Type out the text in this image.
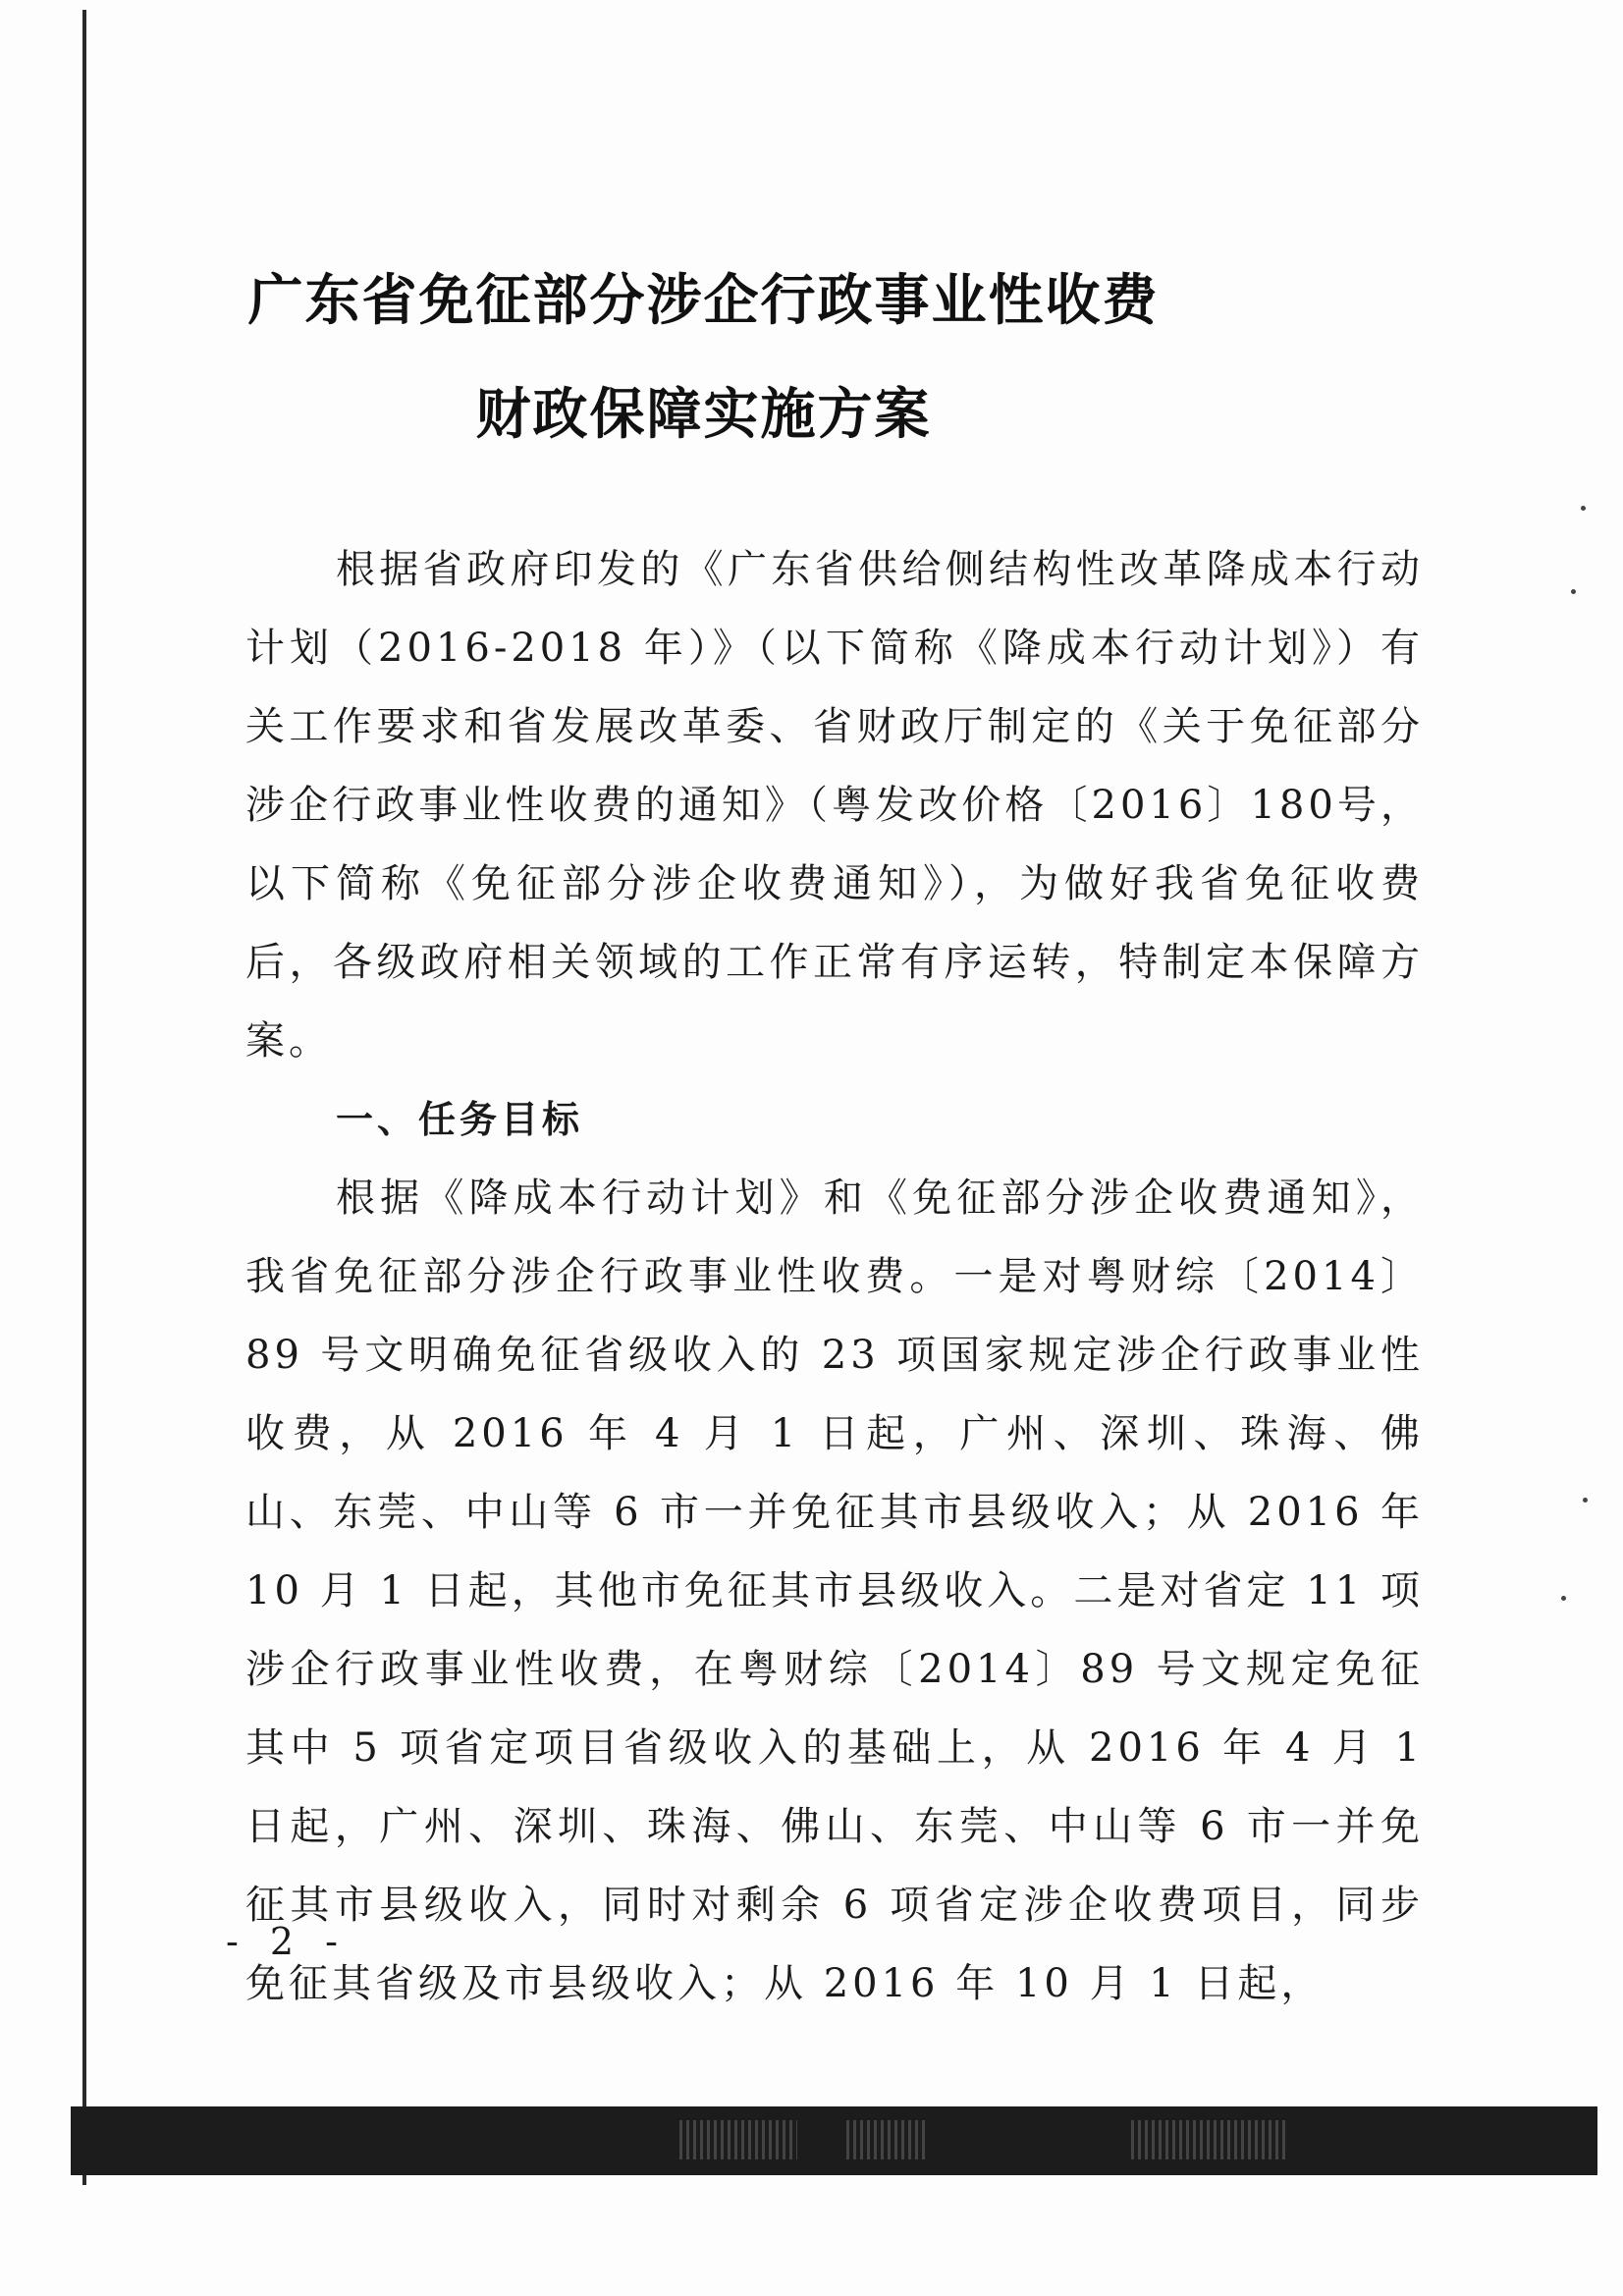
广东省免征部分涉企行政事业性收费
财政保障实施方案

根据省政府印发的《广东省供给侧结构性改革降成本行动计划（2016-2018 年）》（以下简称《降成本行动计划》）有关工作要求和省发展改革委、省财政厅制定的《关于免征部分涉企行政事业性收费的通知》（粤发改价格〔2016〕180号，以下简称《免征部分涉企收费通知》），为做好我省免征收费后，各级政府相关领域的工作正常有序运转，特制定本保障方案。

一、任务目标

根据《降成本行动计划》和《免征部分涉企收费通知》，我省免征部分涉企行政事业性收费。一是对粤财综〔2014〕89 号文明确免征省级收入的 23 项国家规定涉企行政事业性收费，从 2016 年 4 月 1 日起，广州、深圳、珠海、佛山、东莞、中山等 6 市一并免征其市县级收入；从 2016 年 10 月 1 日起，其他市免征其市县级收入。二是对省定 11 项涉企行政事业性收费，在粤财综〔2014〕89 号文规定免征其中 5 项省定项目省级收入的基础上，从 2016 年 4 月 1 日起，广州、深圳、珠海、佛山、东莞、中山等 6 市一并免征其市县级收入，同时对剩余 6 项省定涉企收费项目，同步免征其省级及市县级收入；从 2016 年 10 月 1 日起，

- 2 -
